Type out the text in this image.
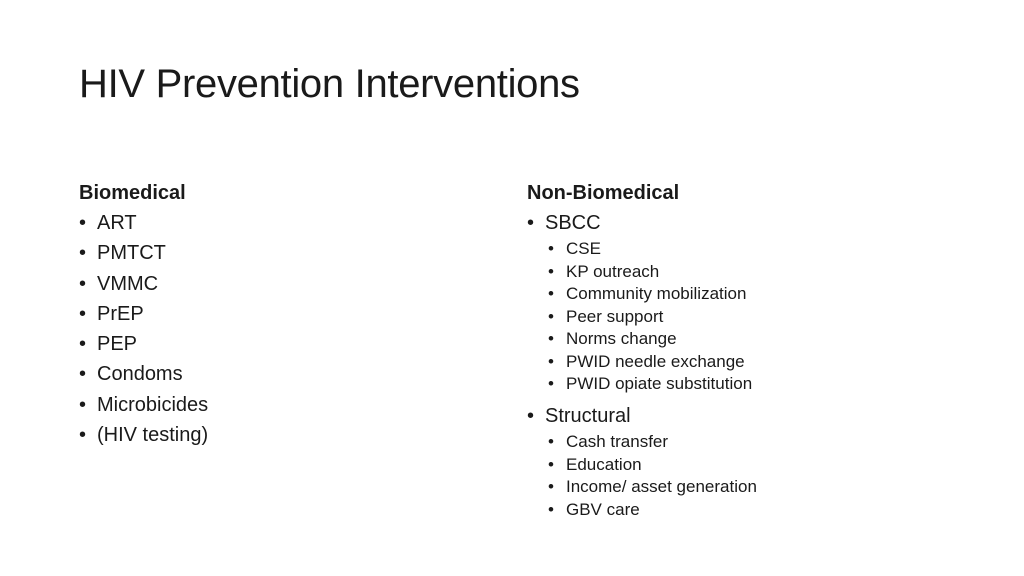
HIV Prevention Interventions
Biomedical
• ART
• PMTCT
• VMMC
• PrEP
• PEP
• Condoms
• Microbicides
• (HIV testing)
Non-Biomedical
• SBCC
• CSE
• KP outreach
• Community mobilization
• Peer support
• Norms change
• PWID needle exchange
• PWID opiate substitution
• Structural
• Cash transfer
• Education
• Income/ asset generation
• GBV care
